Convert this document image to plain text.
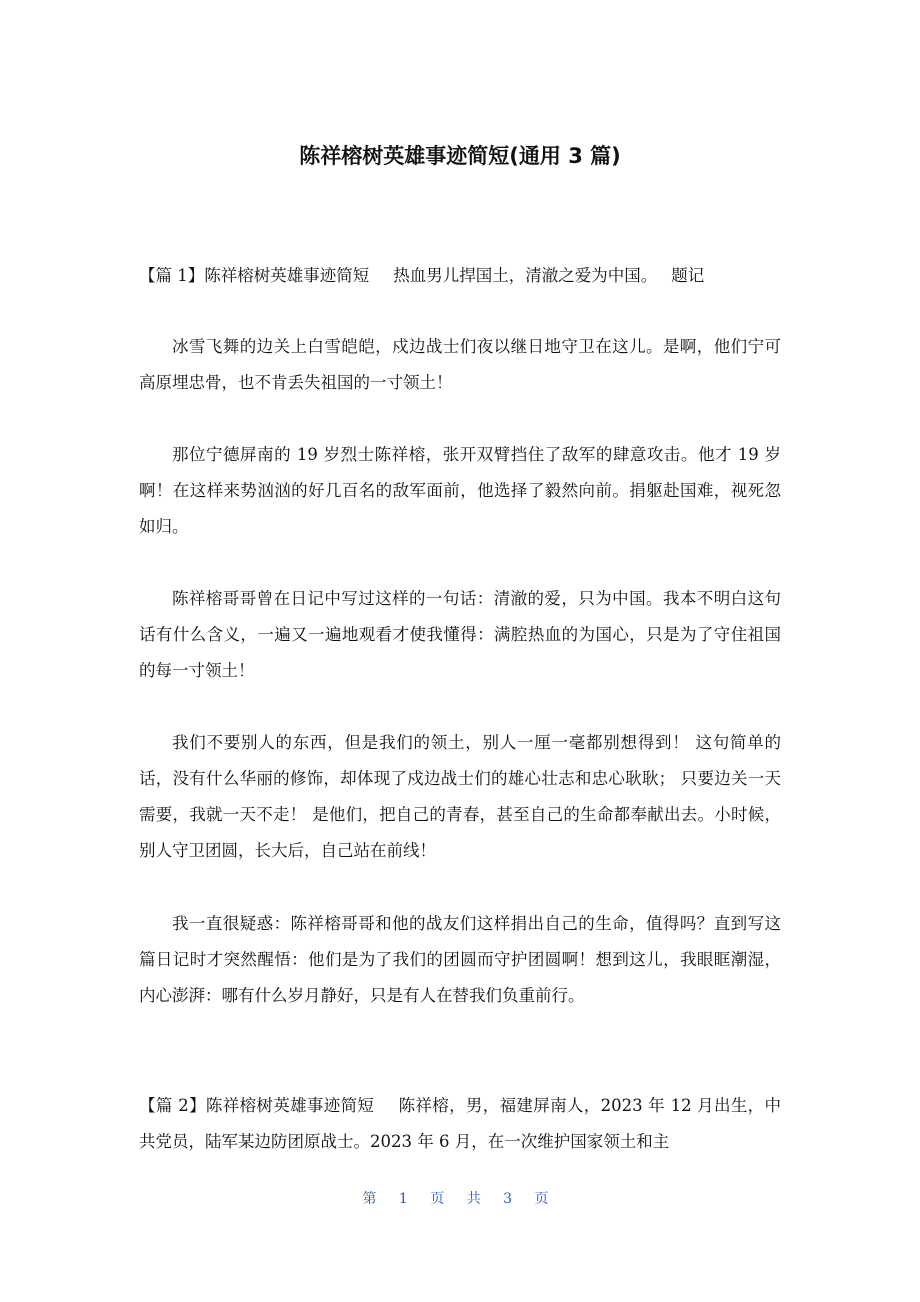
陈祥榕树英雄事迹简短(通用 3 篇)

【篇 1】陈祥榕树英雄事迹简短 热血男儿捍国土，清澈之爱为中国。 题记

冰雪飞舞的边关上白雪皑皑，戍边战士们夜以继日地守卫在这儿。是啊，他们宁可高原埋忠骨，也不肯丢失祖国的一寸领土！

那位宁德屏南的 19 岁烈士陈祥榕，张开双臂挡住了敌军的肆意攻击。他才 19 岁啊！在这样来势汹汹的好几百名的敌军面前，他选择了毅然向前。捐躯赴国难，视死忽如归。

陈祥榕哥哥曾在日记中写过这样的一句话：清澈的爱，只为中国。我本不明白这句话有什么含义，一遍又一遍地观看才使我懂得：满腔热血的为国心，只是为了守住祖国的每一寸领土！

我们不要别人的东西，但是我们的领土，别人一厘一毫都别想得到！ 这句简单的话，没有什么华丽的修饰，却体现了戍边战士们的雄心壮志和忠心耿耿； 只要边关一天需要，我就一天不走！ 是他们，把自己的青春，甚至自己的生命都奉献出去。小时候，别人守卫团圆，长大后，自己站在前线！

我一直很疑惑：陈祥榕哥哥和他的战友们这样捐出自己的生命，值得吗？直到写这篇日记时才突然醒悟：他们是为了我们的团圆而守护团圆啊！想到这儿，我眼眶潮湿，内心澎湃：哪有什么岁月静好，只是有人在替我们负重前行。

【篇 2】陈祥榕树英雄事迹简短 陈祥榕，男，福建屏南人，2023 年 12 月出生，中共党员，陆军某边防团原战士。2023 年 6 月，在一次维护国家领土和主

第 1 页 共 3 页
